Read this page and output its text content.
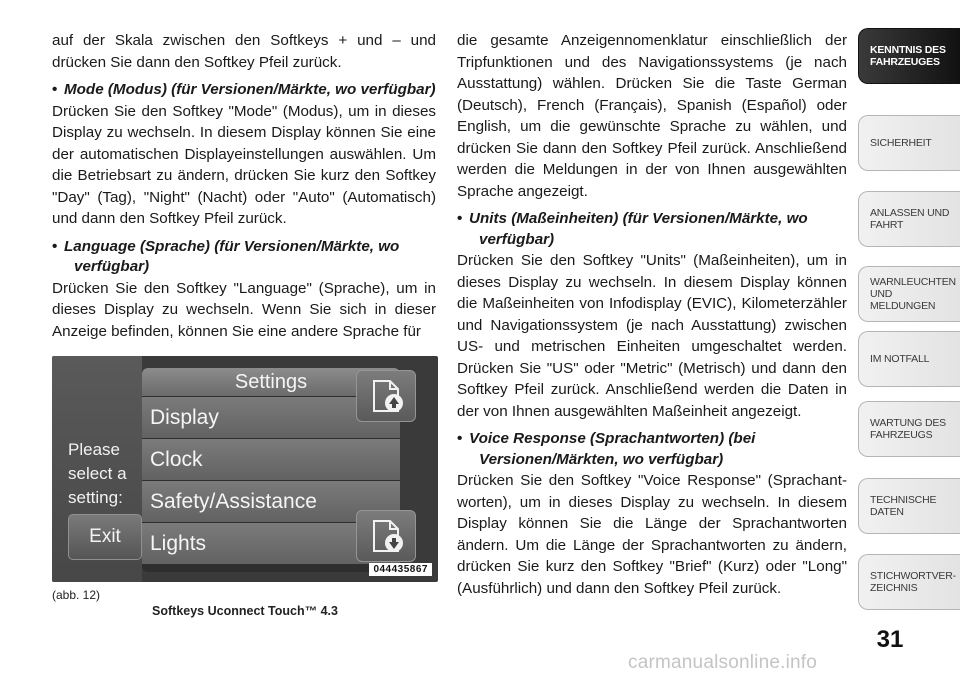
auf der Skala zwischen den Softkeys + und – und drücken Sie dann den Softkey Pfeil zurück.

• Mode (Modus) (für Versionen/Märkte, wo verfügbar)

Drücken Sie den Softkey "Mode" (Modus), um in dieses Display zu wechseln. In diesem Display können Sie eine der automatischen Displayeinstellungen auswählen. Um die Betriebsart zu ändern, drücken Sie kurz den Softkey "Day" (Tag), "Night" (Nacht) oder "Auto" (Automatisch) und dann den Softkey Pfeil zurück.

• Language (Sprache) (für Versionen/Märkte, wo verfügbar)

Drücken Sie den Softkey "Language" (Sprache), um in dieses Display zu wechseln. Wenn Sie sich in dieser Anzeige befinden, können Sie eine andere Sprache für

die gesamte Anzeigennomenklatur einschließlich der Tripfunktionen und des Navigationssystems (je nach Ausstattung) wählen. Drücken Sie die Taste German (Deutsch), French (Français), Spanish (Español) oder English, um die gewünschte Sprache zu wählen, und drücken Sie dann den Softkey Pfeil zurück. Anschließend werden die Meldungen in der von Ihnen ausgewählten Sprache angezeigt.

• Units (Maßeinheiten) (für Versionen/Märkte, wo verfügbar)

Drücken Sie den Softkey "Units" (Maßeinheiten), um in dieses Display zu wechseln. In diesem Display können die Maßeinheiten von Infodisplay (EVIC), Kilometerzähler und Navigationssystem (je nach Ausstattung) zwischen US- und metrischen Einheiten umgeschaltet werden. Drücken Sie "US" oder "Metric" (Metrisch) und dann den Softkey Pfeil zurück. Anschließend werden die Daten in der von Ihnen ausgewählten Maßeinheit angezeigt.

• Voice Response (Sprachantworten) (bei Versionen/Märkten, wo verfügbar)

Drücken Sie den Softkey "Voice Response" (Sprachantworten), um in dieses Display zu wechseln. In diesem Display können Sie die Länge der Sprachantworten ändern. Um die Länge der Sprachantworten zu ändern, drücken Sie kurz den Softkey "Brief" (Kurz) oder "Long" (Ausführlich) und dann den Softkey Pfeil zurück.

Please select a setting:
Exit
Settings
Display
Clock
Safety/Assistance
Lights
044435867
(abb. 12)
Softkeys Uconnect Touch™ 4.3
KENNTNIS DES FAHRZEUGES
SICHERHEIT
ANLASSEN UND FAHRT
WARNLEUCHTEN UND MELDUNGEN
IM NOTFALL
WARTUNG DES FAHRZEUGS
TECHNISCHE DATEN
STICHWORTVER-ZEICHNIS
31
carmanualsonline.info
